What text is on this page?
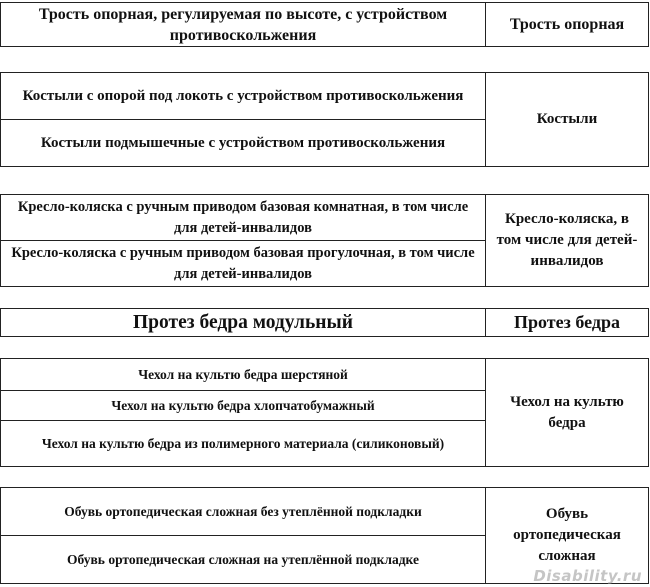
Трость опорная, регулируемая по высоте, с устройством противоскольжения	Трость опорная
Костыли с опорой под локоть с устройством противоскольжения	Костыли
Костыли подмышечные с устройством противоскольжения
Кресло-коляска с ручным приводом базовая комнатная, в том числе для детей-инвалидов	Кресло-коляска, в том числе для детей-инвалидов
Кресло-коляска с ручным приводом базовая прогулочная, в том числе для детей-инвалидов
Протез бедра модульный	Протез бедра
Чехол на культю бедра шерстяной	Чехол на культю бедра
Чехол на культю бедра хлопчатобумажный
Чехол на культю бедра из полимерного материала (силиконовый)
Обувь ортопедическая сложная без утеплённой подкладки	Обувь ортопедическая сложная
Обувь ортопедическая сложная на утеплённой подкладке
Disability.ru
